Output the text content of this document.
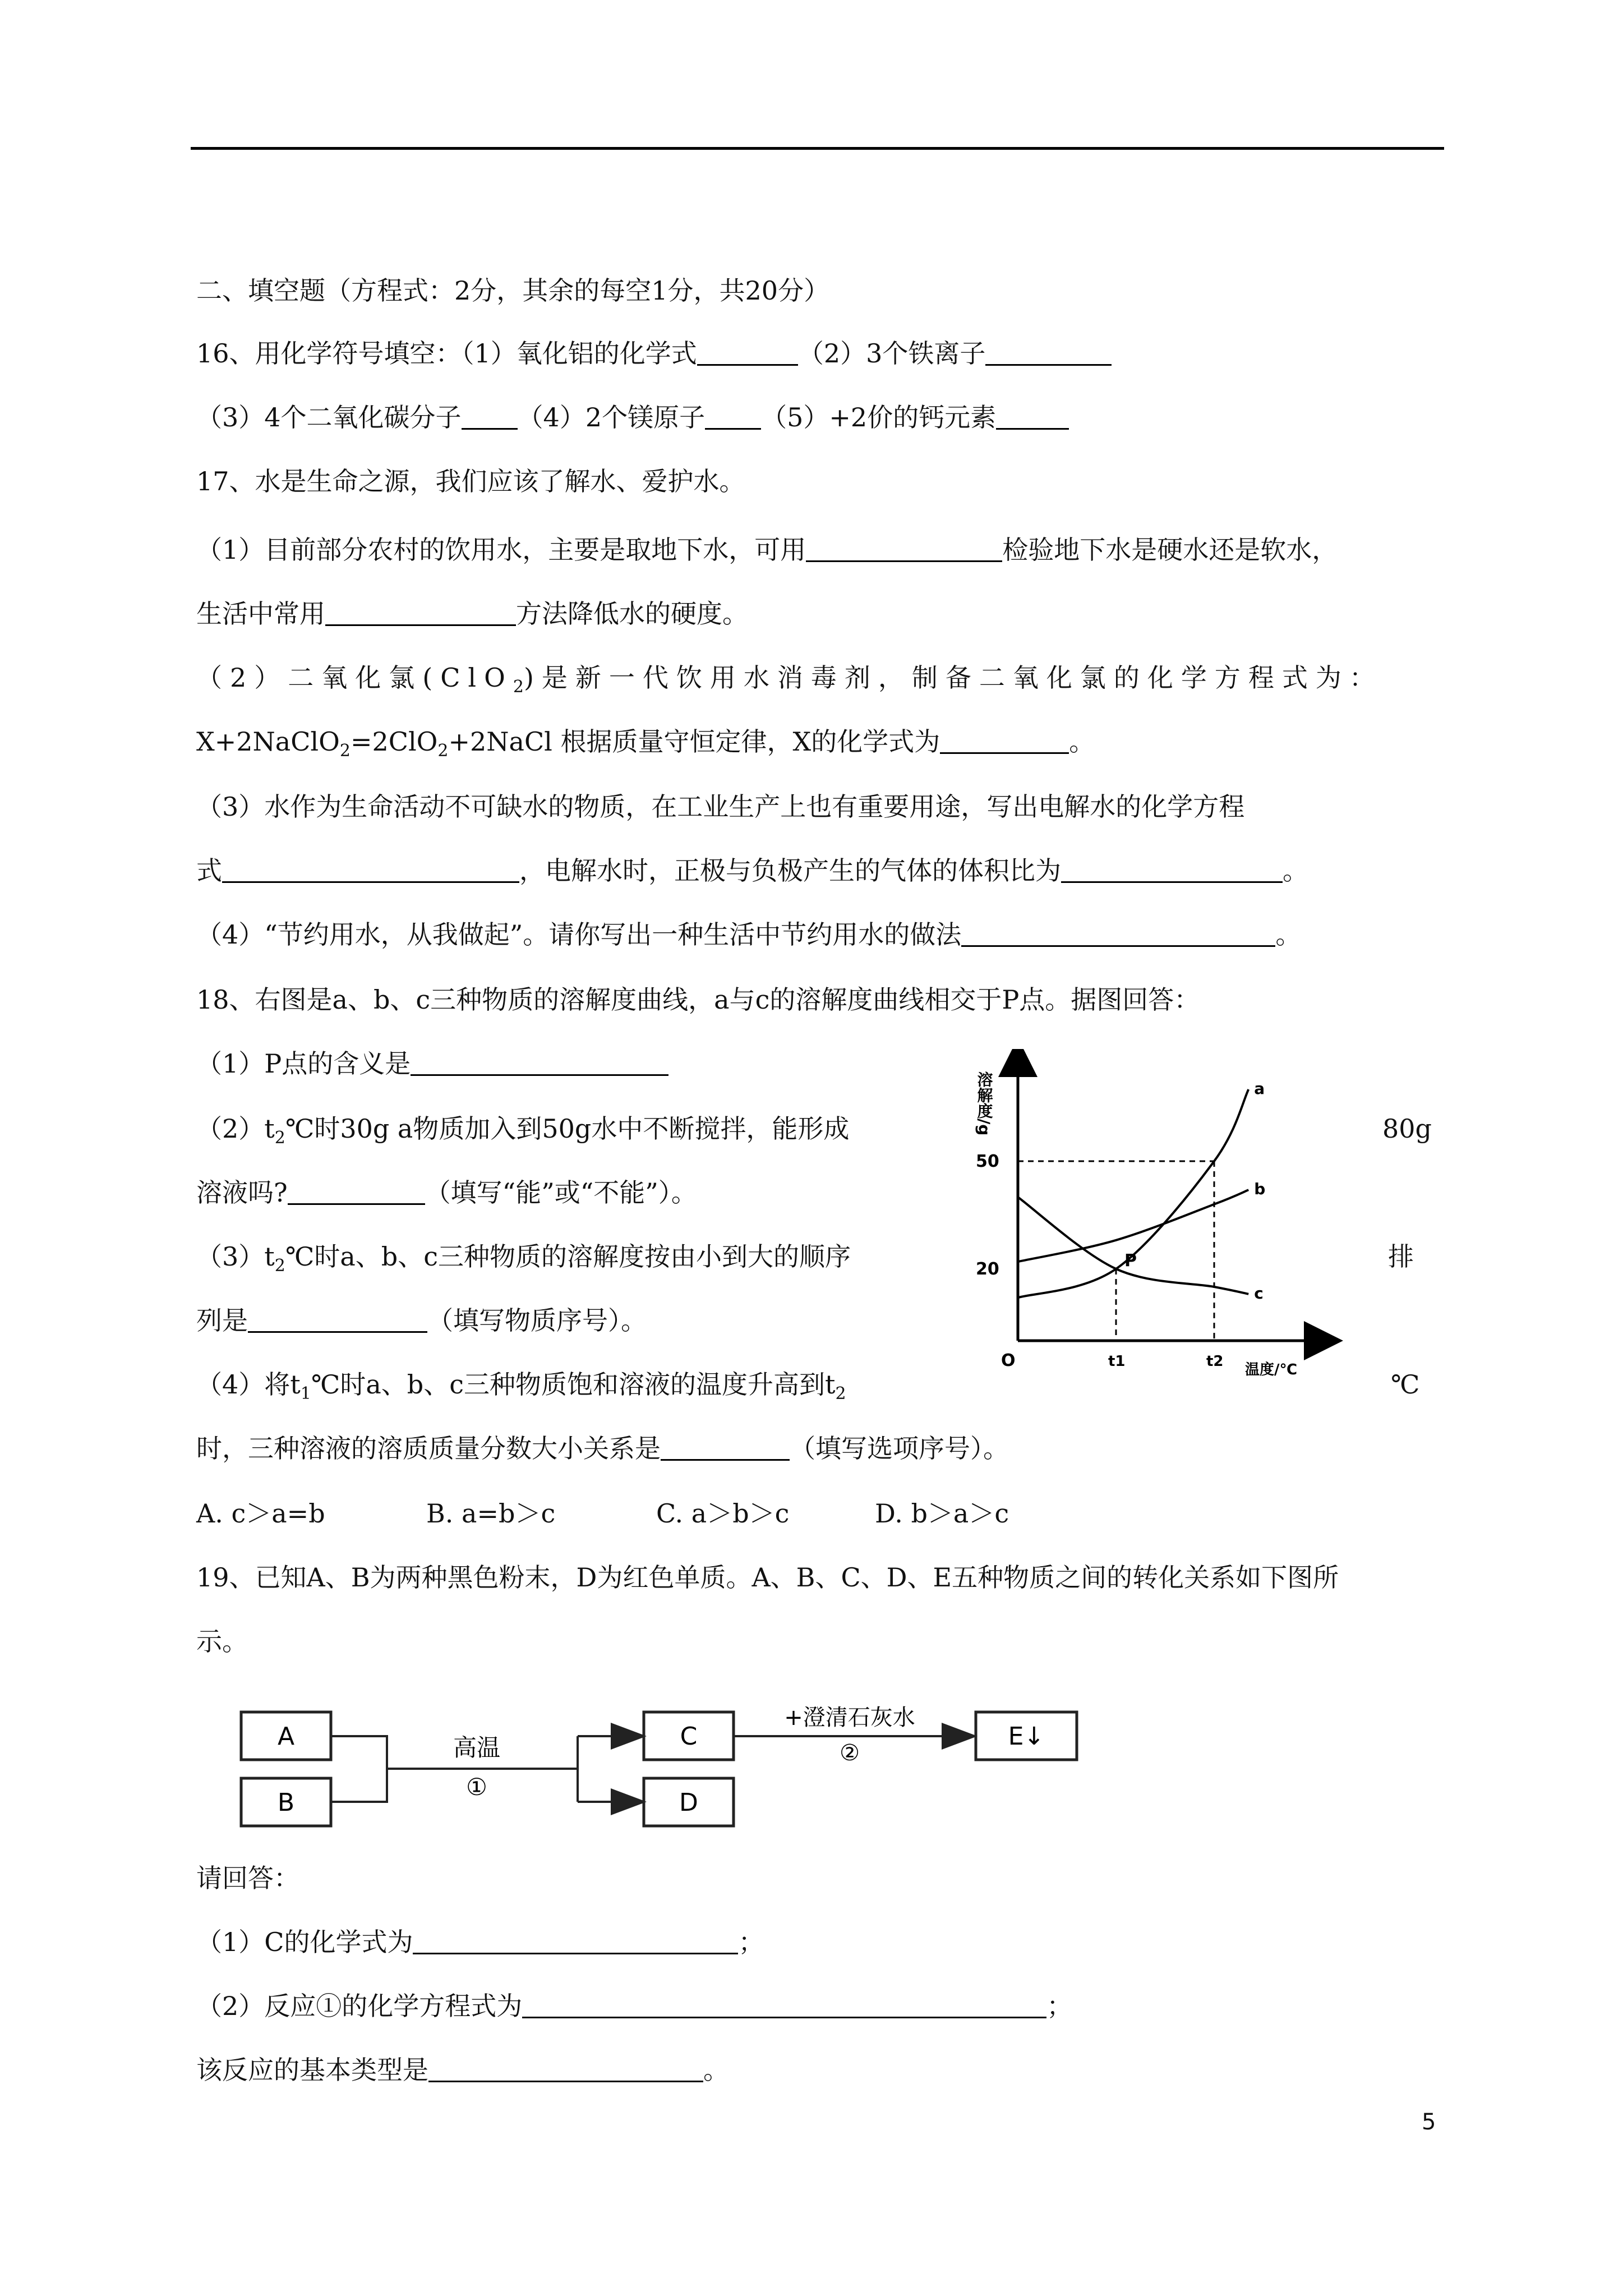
二、填空题（方程式：2分，其余的每空1分，共20分）
16、用化学符号填空：（1）氧化铝的化学式	（2）3个铁离子
（3）4个二氧化碳分子 （4）2个镁原子 （5）+2价的钙元素
17、水是生命之源，我们应该了解水、爱护水。
（1）目前部分农村的饮用水，主要是取地下水，可用	检验地下水是硬水还是软水，
生活中常用	方法降低水的硬度。
（2）二氧化氯(ClO$_2$)是新一代饮用水消毒剂，制备二氧化氯的化学方程式为：
X+2NaClO$_2$=2ClO$_2$+2NaCl 根据质量守恒定律，X的化学式为	。
（3）水作为生命活动不可缺水的物质，在工业生产上也有重要用途，写出电解水的化学方程
式	，电解水时，正极与负极产生的气体的体积比为	。
（4）“节约用水，从我做起”。请你写出一种生活中节约用水的做法	。
18、右图是a、b、c三种物质的溶解度曲线，a与c的溶解度曲线相交于P点。据图回答：
（1）P点的含义是
$(2)t_2℃$时30g a物质加入到50g水中不断搅拌，能形成	80g
溶液吗?	（填写“能”或“不能”）。
$(3)t_2℃$时a、b、c三种物质的溶解度按由小到大的顺序	排
列是	（填写物质序号）。
（4）将$t_1℃$时a、b、c三种物质饱和溶液的温度升高到$t_2$	℃
时，三种溶液的溶质质量分数大小关系是	（填写选项序号）。
A. c＞a=b	B. a=b＞c	C. a＞b＞c	D. b＞a＞c
溶解度/g
温度/℃
O
20
50
t1	t2
a
b
c
P
19、已知A、B为两种黑色粉末，D为红色单质。A、B、C、D、E五种物质之间的转化关系如下图所
示。
A
B
高温
①
C
D
+澄清石灰水
②
E↓
请回答：
（1）C的化学式为	；
（2）反应①的化学方程式为	；
该反应的基本类型是	。
5
